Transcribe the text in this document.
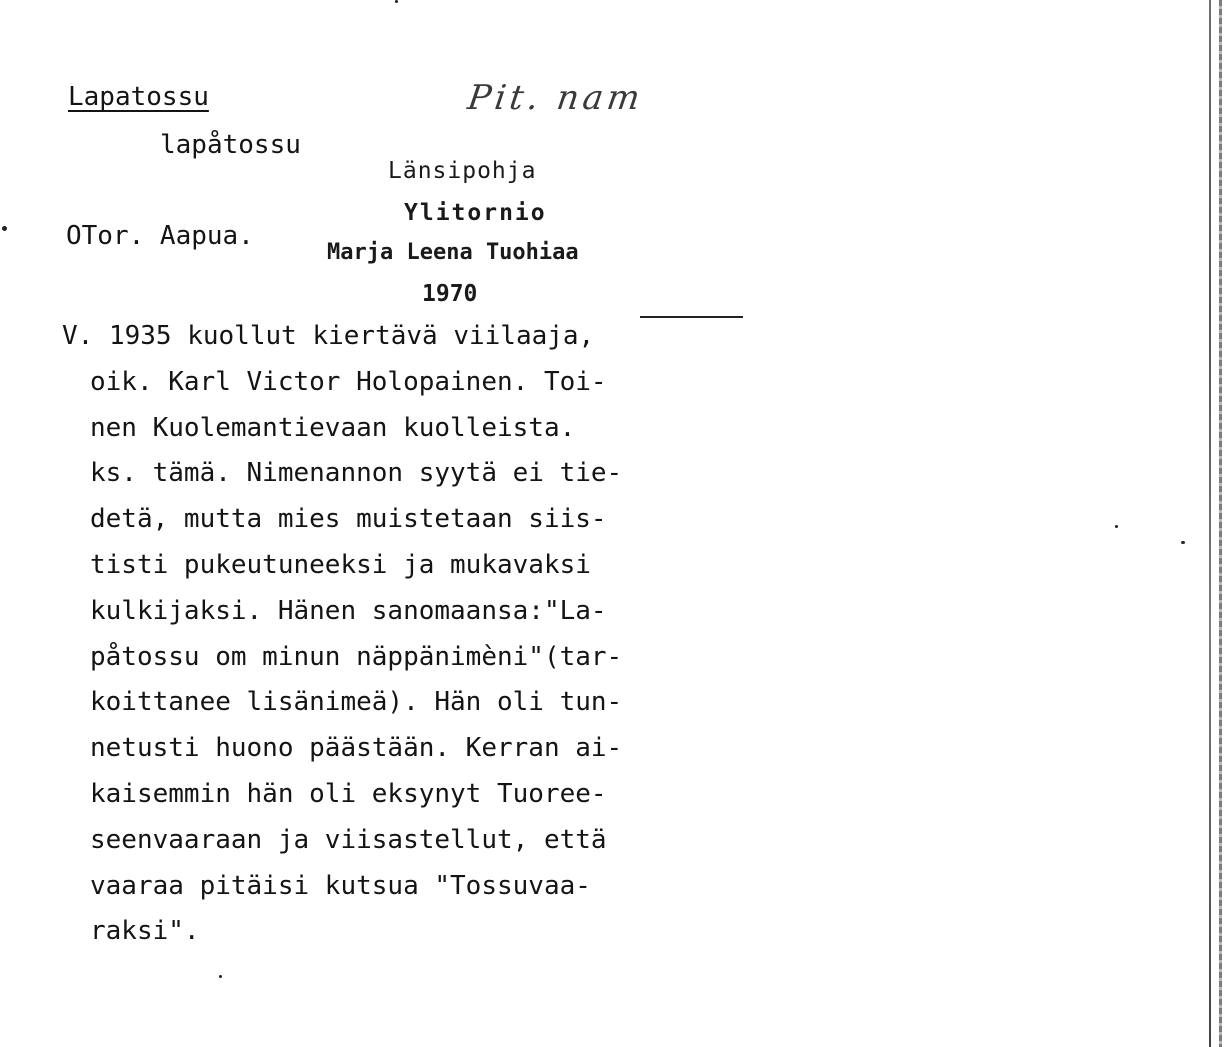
Lapatossu
lapåtossu
Pit. nam
Länsipohja
Ylitornio
Marja Leena Tuohiaa
1970
OTor. Aapua.
V. 1935 kuollut kiertävä viilaaja,
oik. Karl Victor Holopainen. Toi-
nen Kuolemantievaan kuolleista.
ks. tämä. Nimenannon syytä ei tie-
detä, mutta mies muistetaan siis-
tisti pukeutuneeksi ja mukavaksi
kulkijaksi. Hänen sanomaansa:"La-
påtossu om minun näppänimèni"(tar-
koittanee lisänimeä). Hän oli tun-
netusti huono päästään. Kerran ai-
kaisemmin hän oli eksynyt Tuoree-
seenvaaraan ja viisastellut, että
vaaraa pitäisi kutsua "Tossuvaa-
raksi".
